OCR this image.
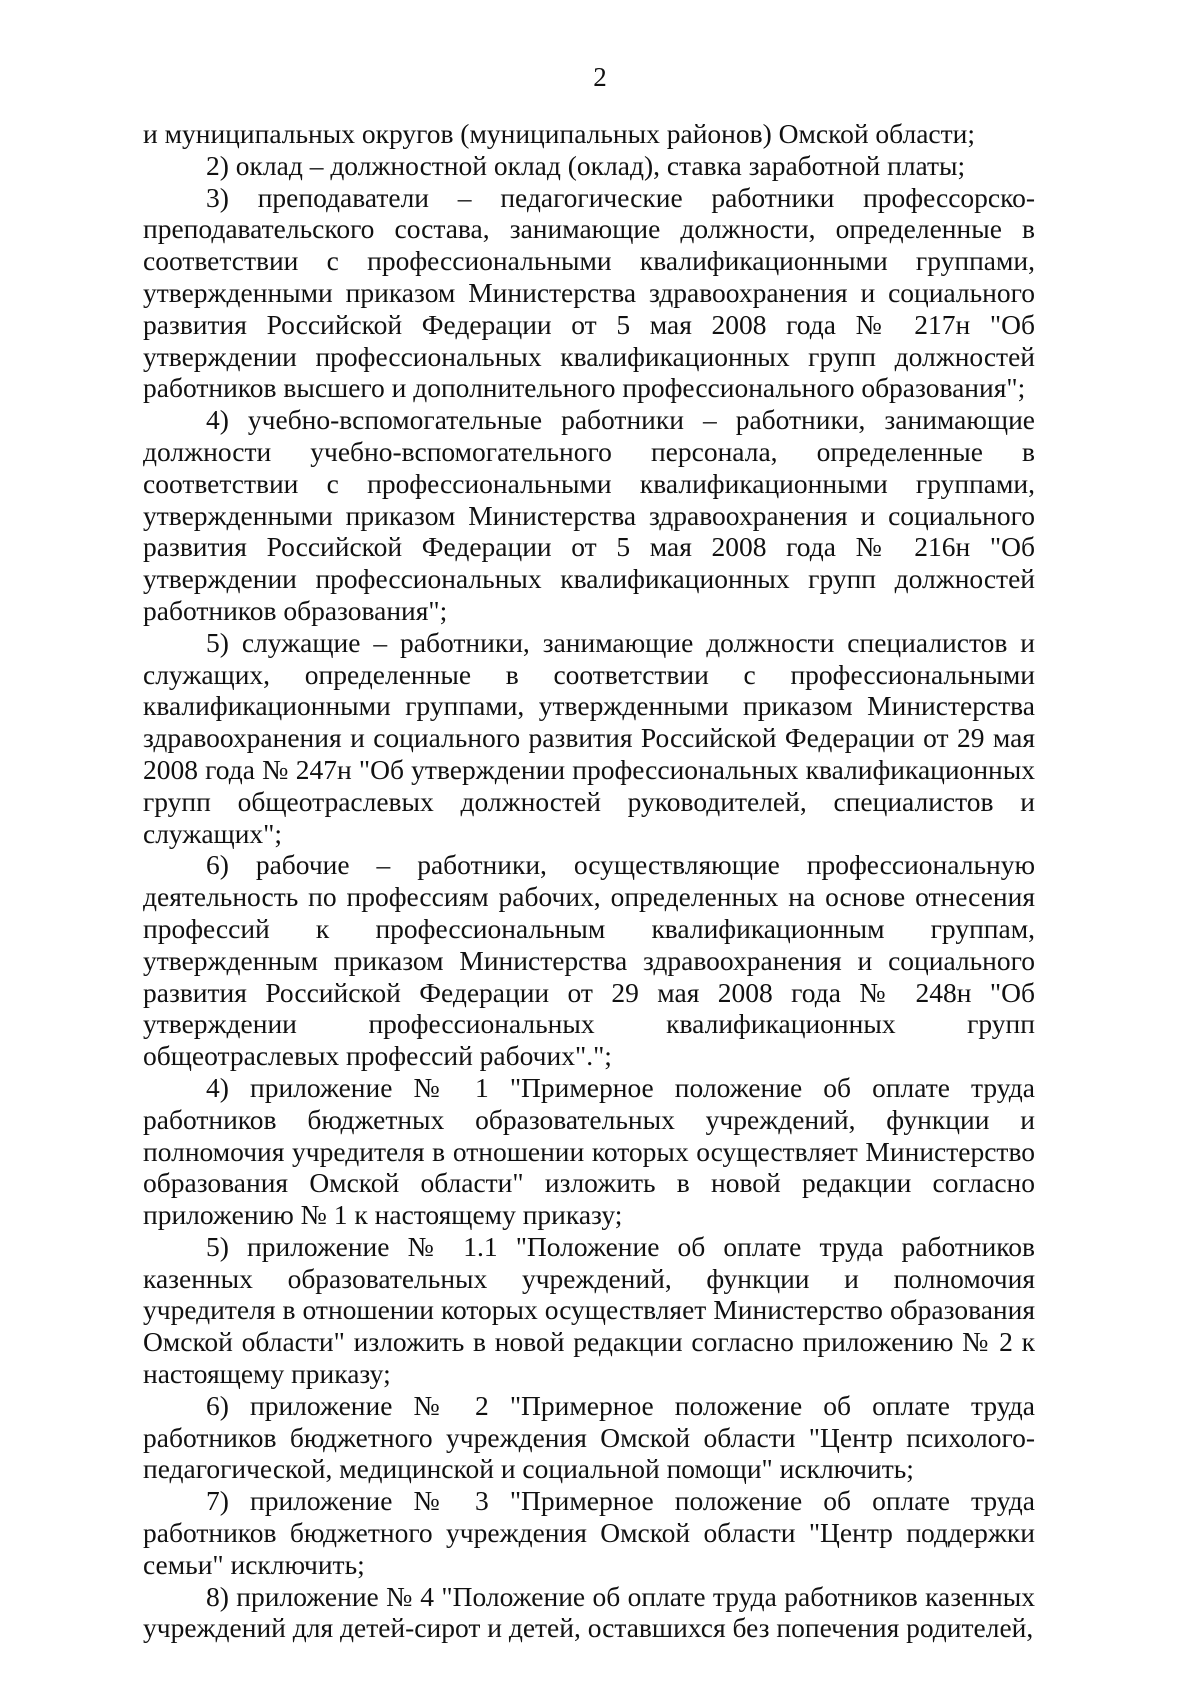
2

и муниципальных округов (муниципальных районов) Омской области;

2) оклад – должностной оклад (оклад), ставка заработной платы;

3) преподаватели – педагогические работники профессорско-преподавательского состава, занимающие должности, определенные в соответствии с профессиональными квалификационными группами, утвержденными приказом Министерства здравоохранения и социального развития Российской Федерации от 5 мая 2008 года № 217н "Об утверждении профессиональных квалификационных групп должностей работников высшего и дополнительного профессионального образования";

4) учебно-вспомогательные работники – работники, занимающие должности учебно-вспомогательного персонала, определенные в соответствии с профессиональными квалификационными группами, утвержденными приказом Министерства здравоохранения и социального развития Российской Федерации от 5 мая 2008 года № 216н "Об утверждении профессиональных квалификационных групп должностей работников образования";

5) служащие – работники, занимающие должности специалистов и служащих, определенные в соответствии с профессиональными квалификационными группами, утвержденными приказом Министерства здравоохранения и социального развития Российской Федерации от 29 мая 2008 года № 247н "Об утверждении профессиональных квалификационных групп общеотраслевых должностей руководителей, специалистов и служащих";

6) рабочие – работники, осуществляющие профессиональную деятельность по профессиям рабочих, определенных на основе отнесения профессий к профессиональным квалификационным группам, утвержденным приказом Министерства здравоохранения и социального развития Российской Федерации от 29 мая 2008 года № 248н "Об утверждении профессиональных квалификационных групп общеотраслевых профессий рабочих".";

4) приложение № 1 "Примерное положение об оплате труда работников бюджетных образовательных учреждений, функции и полномочия учредителя в отношении которых осуществляет Министерство образования Омской области" изложить в новой редакции согласно приложению № 1 к настоящему приказу;

5) приложение № 1.1 "Положение об оплате труда работников казенных образовательных учреждений, функции и полномочия учредителя в отношении которых осуществляет Министерство образования Омской области" изложить в новой редакции согласно приложению № 2 к настоящему приказу;

6) приложение № 2 "Примерное положение об оплате труда работников бюджетного учреждения Омской области "Центр психолого-педагогической, медицинской и социальной помощи" исключить;

7) приложение № 3 "Примерное положение об оплате труда работников бюджетного учреждения Омской области "Центр поддержки семьи" исключить;

8) приложение № 4 "Положение об оплате труда работников казенных учреждений для детей-сирот и детей, оставшихся без попечения родителей,
